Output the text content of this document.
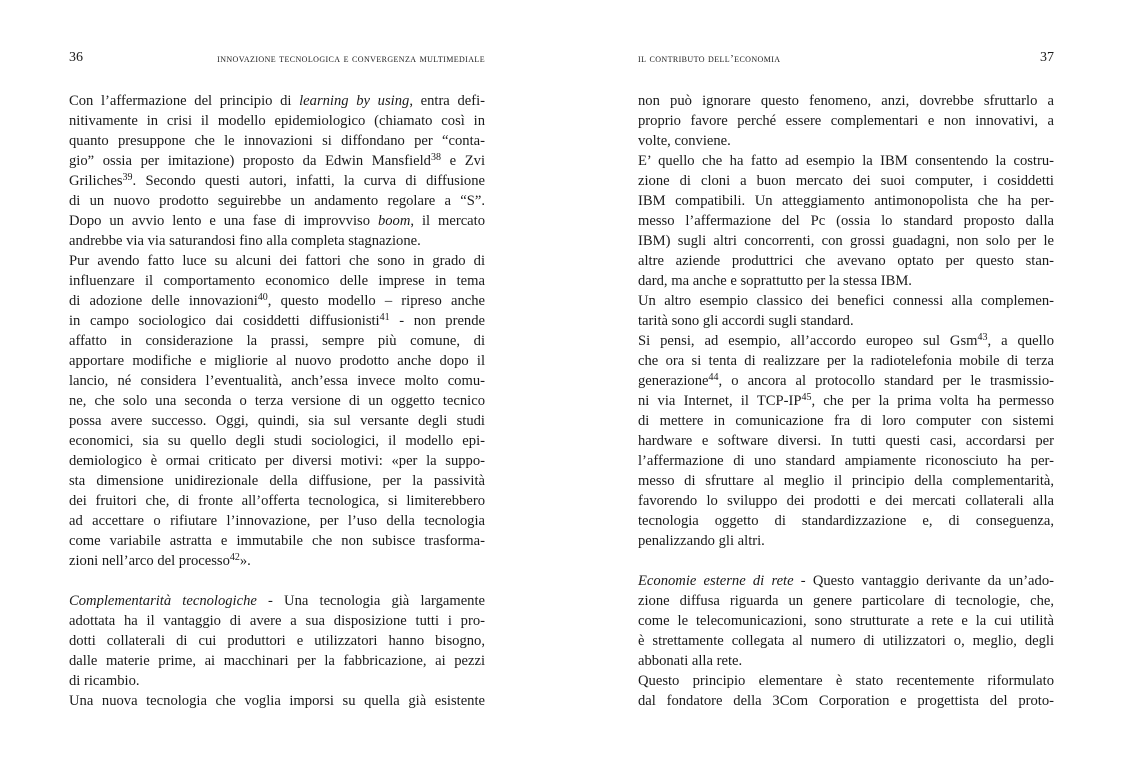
36	innovazione tecnologica e convergenza multimediale
Con l’affermazione del principio di learning by using, entra defi-
nitivamente in crisi il modello epidemiologico (chiamato così in
quanto presuppone che le innovazioni si diffondano per “conta-
gio” ossia per imitazione) proposto da Edwin Mansfield$^{38}$ e Zvi
Griliches$^{39}$. Secondo questi autori, infatti, la curva di diffusione
di un nuovo prodotto seguirebbe un andamento regolare a “S”.
Dopo un avvio lento e una fase di improvviso boom, il mercato
andrebbe via via saturandosi fino alla completa stagnazione.
Pur avendo fatto luce su alcuni dei fattori che sono in grado di
influenzare il comportamento economico delle imprese in tema
di adozione delle innovazioni$^{40}$, questo modello – ripreso anche
in campo sociologico dai cosiddetti diffusionisti$^{41}$ - non prende
affatto in considerazione la prassi, sempre più comune, di
apportare modifiche e migliorie al nuovo prodotto anche dopo il
lancio, né considera l’eventualità, anch’essa invece molto comu-
ne, che solo una seconda o terza versione di un oggetto tecnico
possa avere successo. Oggi, quindi, sia sul versante degli studi
economici, sia su quello degli studi sociologici, il modello epi-
demiologico è ormai criticato per diversi motivi: «per la suppo-
sta dimensione unidirezionale della diffusione, per la passività
dei fruitori che, di fronte all’offerta tecnologica, si limiterebbero
ad accettare o rifiutare l’innovazione, per l’uso della tecnologia
come variabile astratta e immutabile che non subisce trasforma-
zioni nell’arco del processo$^{42}$».
Complementarità tecnologiche - Una tecnologia già largamente
adottata ha il vantaggio di avere a sua disposizione tutti i pro-
dotti collaterali di cui produttori e utilizzatori hanno bisogno,
dalle materie prime, ai macchinari per la fabbricazione, ai pezzi
di ricambio.
Una nuova tecnologia che voglia imporsi su quella già esistente
37
il contributo dell’economia
non può ignorare questo fenomeno, anzi, dovrebbe sfruttarlo a
proprio favore perché essere complementari e non innovativi, a
volte, conviene.
E’ quello che ha fatto ad esempio la IBM consentendo la costru-
zione di cloni a buon mercato dei suoi computer, i cosiddetti
IBM compatibili. Un atteggiamento antimonopolista che ha per-
messo l’affermazione del Pc (ossia lo standard proposto dalla
IBM) sugli altri concorrenti, con grossi guadagni, non solo per le
altre aziende produttrici che avevano optato per questo stan-
dard, ma anche e soprattutto per la stessa IBM.
Un altro esempio classico dei benefici connessi alla complemen-
tarità sono gli accordi sugli standard.
Si pensi, ad esempio, all’accordo europeo sul Gsm$^{43}$, a quello
che ora si tenta di realizzare per la radiotelefonia mobile di terza
generazione$^{44}$, o ancora al protocollo standard per le trasmissio-
ni via Internet, il TCP-IP$^{45}$, che per la prima volta ha permesso
di mettere in comunicazione fra di loro computer con sistemi
hardware e software diversi. In tutti questi casi, accordarsi per
l’affermazione di uno standard ampiamente riconosciuto ha per-
messo di sfruttare al meglio il principio della complementarità,
favorendo lo sviluppo dei prodotti e dei mercati collaterali alla
tecnologia oggetto di standardizzazione e, di conseguenza,
penalizzando gli altri.
Economie esterne di rete - Questo vantaggio derivante da un’ado-
zione diffusa riguarda un genere particolare di tecnologie, che,
come le telecomunicazioni, sono strutturate a rete e la cui utilità
è strettamente collegata al numero di utilizzatori o, meglio, degli
abbonati alla rete.
Questo principio elementare è stato recentemente riformulato
dal fondatore della 3Com Corporation e progettista del proto-
